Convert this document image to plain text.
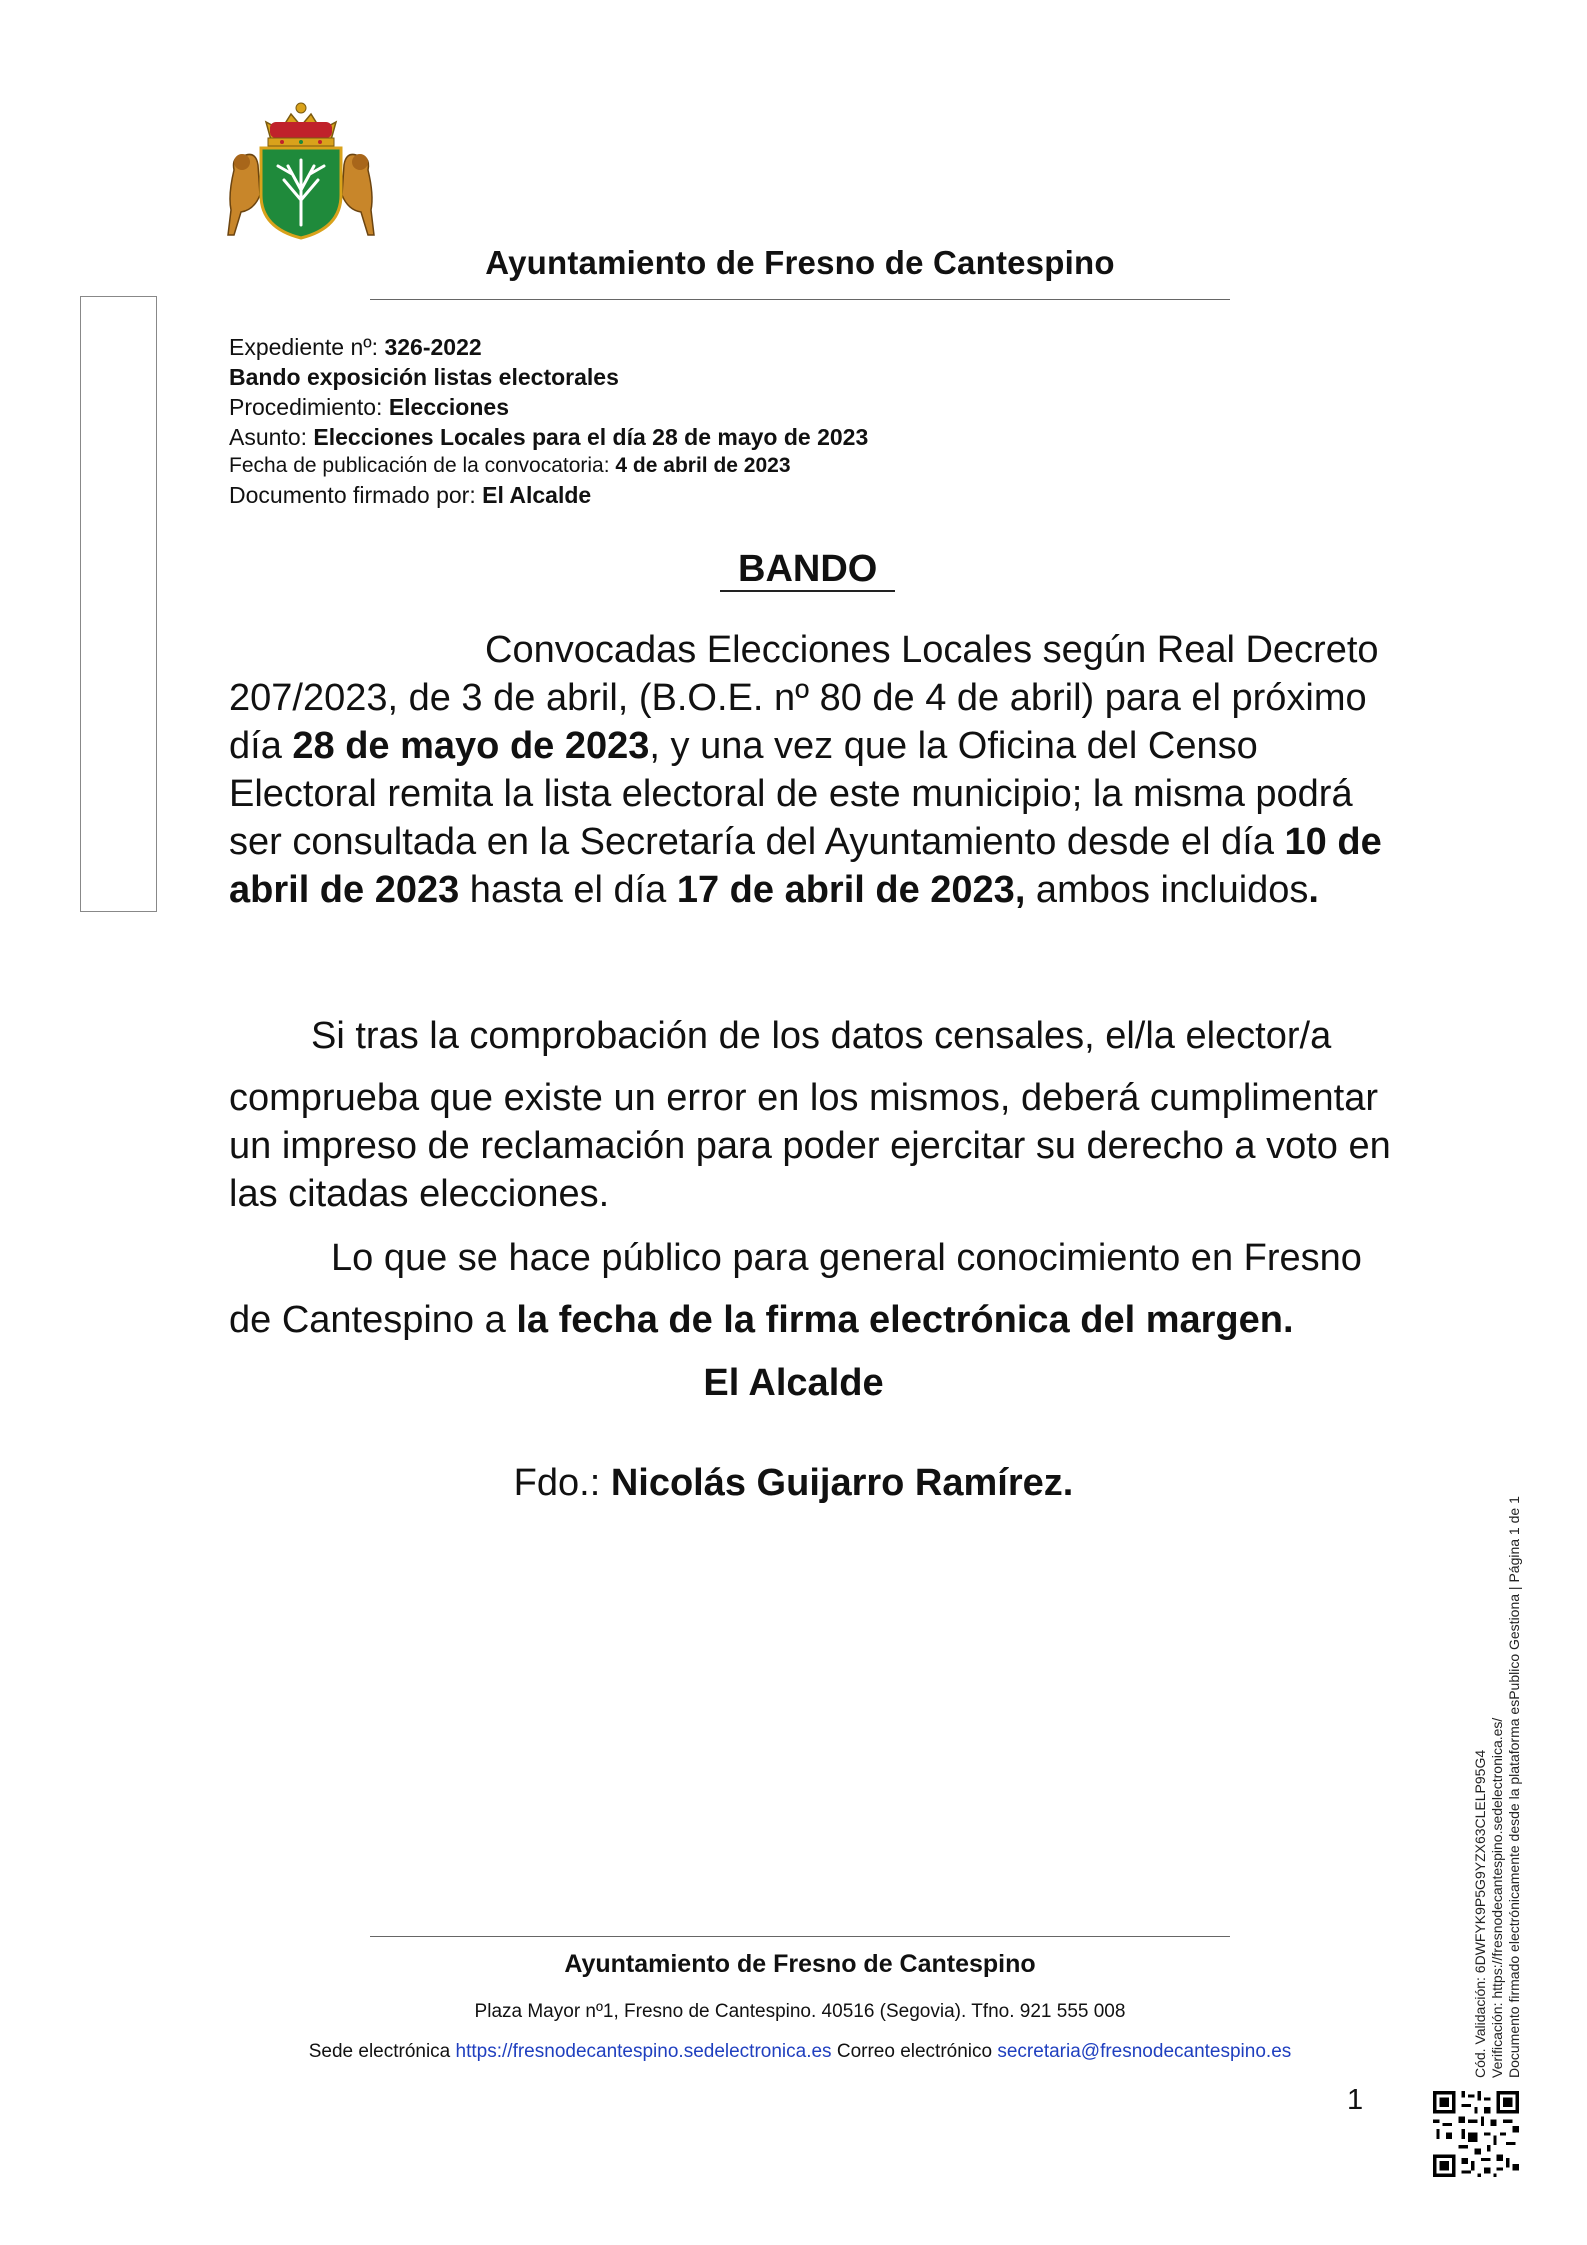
Ayuntamiento de Fresno de Cantespino
Expediente nº: 326-2022
Bando exposición listas electorales
Procedimiento: Elecciones
Asunto: Elecciones Locales para el día 28 de mayo de 2023
Fecha de publicación de la convocatoria: 4 de abril de 2023
Documento firmado por: El Alcalde
BANDO
Convocadas Elecciones Locales según Real Decreto 207/2023, de 3 de abril, (B.O.E. nº 80 de 4 de abril) para el próximo día 28 de mayo de 2023, y una vez que la Oficina del Censo Electoral remita la lista electoral de este municipio; la misma podrá ser consultada en la Secretaría del Ayuntamiento desde el día 10 de abril de 2023 hasta el día 17 de abril de 2023, ambos incluidos.
Si tras la comprobación de los datos censales, el/la elector/a
comprueba que existe un error en los mismos, deberá cumplimentar un impreso de reclamación para poder ejercitar su derecho a voto en las citadas elecciones.
Lo que se hace público para general conocimiento en Fresno
de Cantespino a la fecha de la firma electrónica del margen.
El Alcalde
Fdo.: Nicolás Guijarro Ramírez.
Ayuntamiento de Fresno de Cantespino
Plaza Mayor nº1, Fresno de Cantespino. 40516 (Segovia). Tfno. 921 555 008
Sede electrónica https://fresnodecantespino.sedelectronica.es Correo electrónico secretaria@fresnodecantespino.es
1
Cód. Validación: 6DWFYK9P5G9YZX63CLELP95G4 Verificación: https://fresnodecantespino.sedelectronica.es/ Documento firmado electrónicamente desde la plataforma esPublico Gestiona | Página 1 de 1
